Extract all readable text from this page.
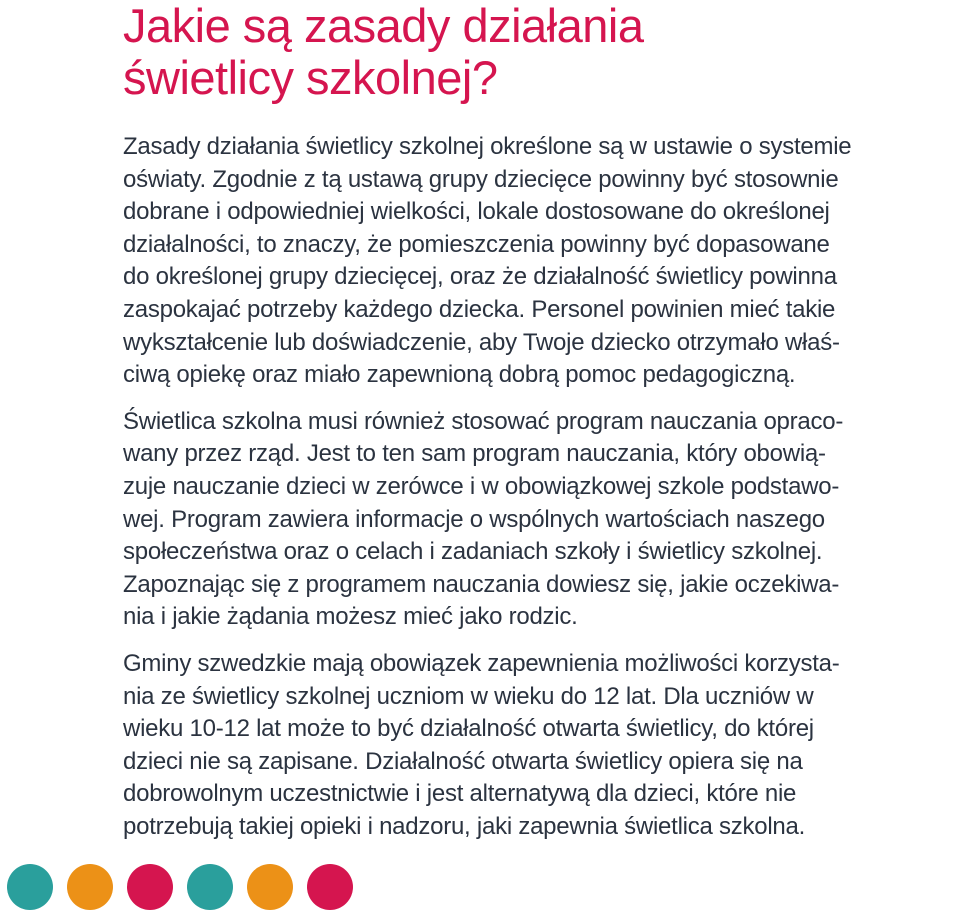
Jakie są zasady działania
świetlicy szkolnej?

Zasady działania świetlicy szkolnej określone są w ustawie o systemie
oświaty. Zgodnie z tą ustawą grupy dziecięce powinny być stosownie
dobrane i odpowiedniej wielkości, lokale dostosowane do określonej
działalności, to znaczy, że pomieszczenia powinny być dopasowane
do określonej grupy dziecięcej, oraz że działalność świetlicy powinna
zaspokajać potrzeby każdego dziecka. Personel powinien mieć takie
wykształcenie lub doświadczenie, aby Twoje dziecko otrzymało właś-
ciwą opiekę oraz miało zapewnioną dobrą pomoc pedagogiczną.

Świetlica szkolna musi również stosować program nauczania opraco-
wany przez rząd. Jest to ten sam program nauczania, który obowią-
zuje nauczanie dzieci w zerówce i w obowiązkowej szkole podstawo-
wej. Program zawiera informacje o wspólnych wartościach naszego
społeczeństwa oraz o celach i zadaniach szkoły i świetlicy szkolnej.
Zapoznając się z programem nauczania dowiesz się, jakie oczekiwa-
nia i jakie żądania możesz mieć jako rodzic.

Gminy szwedzkie mają obowiązek zapewnienia możliwości korzysta-
nia ze świetlicy szkolnej uczniom w wieku do 12 lat. Dla uczniów w
wieku 10-12 lat może to być działalność otwarta świetlicy, do której
dzieci nie są zapisane. Działalność otwarta świetlicy opiera się na
dobrowolnym uczestnictwie i jest alternatywą dla dzieci, które nie
potrzebują takiej opieki i nadzoru, jaki zapewnia świetlica szkolna.
